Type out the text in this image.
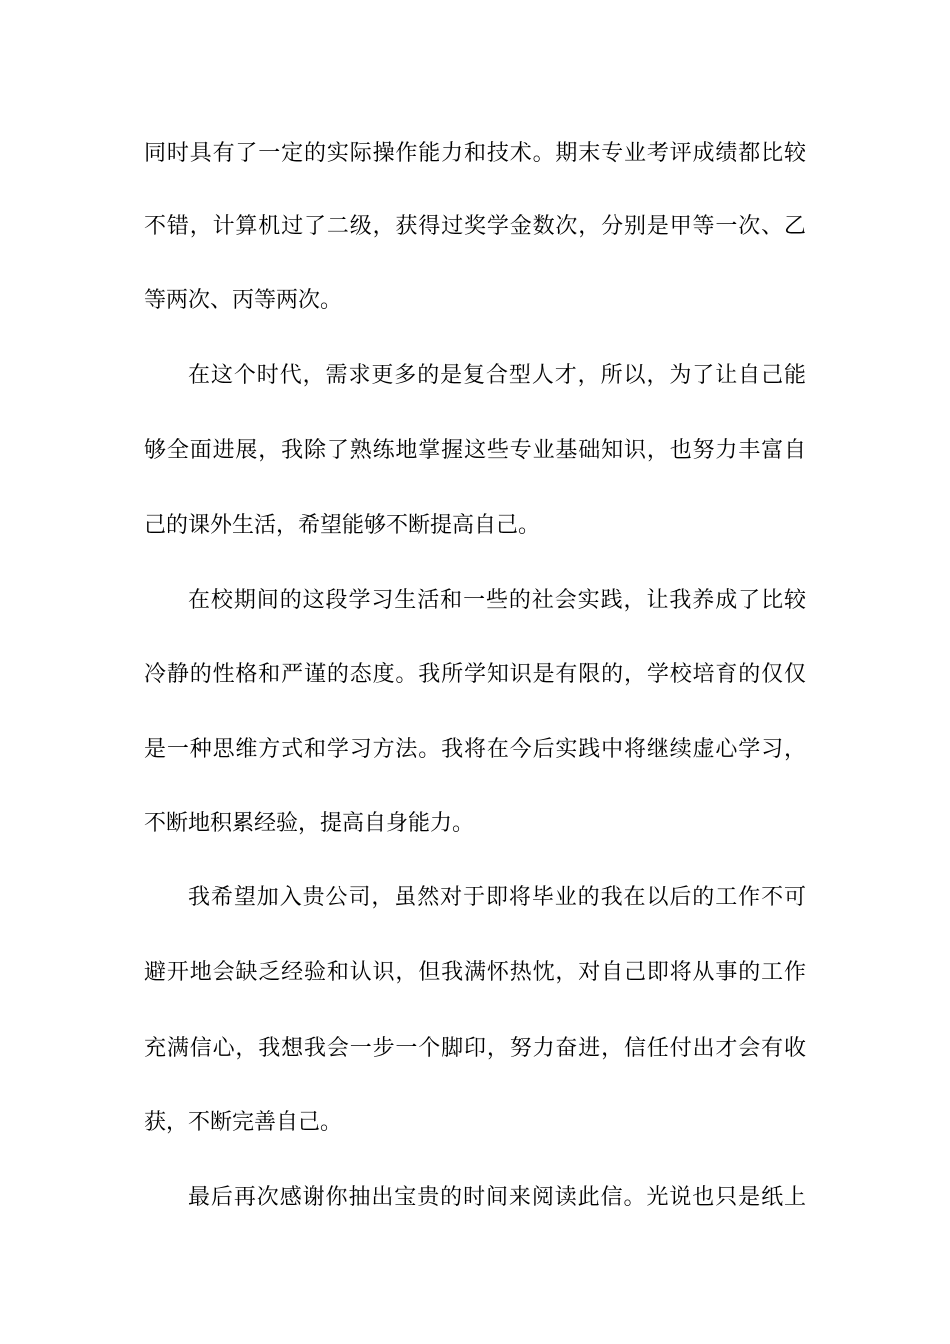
同时具有了一定的实际操作能力和技术。期末专业考评成绩都比较
不错，计算机过了二级，获得过奖学金数次，分别是甲等一次、乙
等两次、丙等两次。
在这个时代，需求更多的是复合型人才，所以，为了让自己能
够全面进展，我除了熟练地掌握这些专业基础知识，也努力丰富自
己的课外生活，希望能够不断提高自己。
在校期间的这段学习生活和一些的社会实践，让我养成了比较
冷静的性格和严谨的态度。我所学知识是有限的，学校培育的仅仅
是一种思维方式和学习方法。我将在今后实践中将继续虚心学习，
不断地积累经验，提高自身能力。
我希望加入贵公司，虽然对于即将毕业的我在以后的工作不可
避开地会缺乏经验和认识，但我满怀热忱，对自己即将从事的工作
充满信心，我想我会一步一个脚印，努力奋进，信任付出才会有收
获，不断完善自己。
最后再次感谢你抽出宝贵的时间来阅读此信。光说也只是纸上
